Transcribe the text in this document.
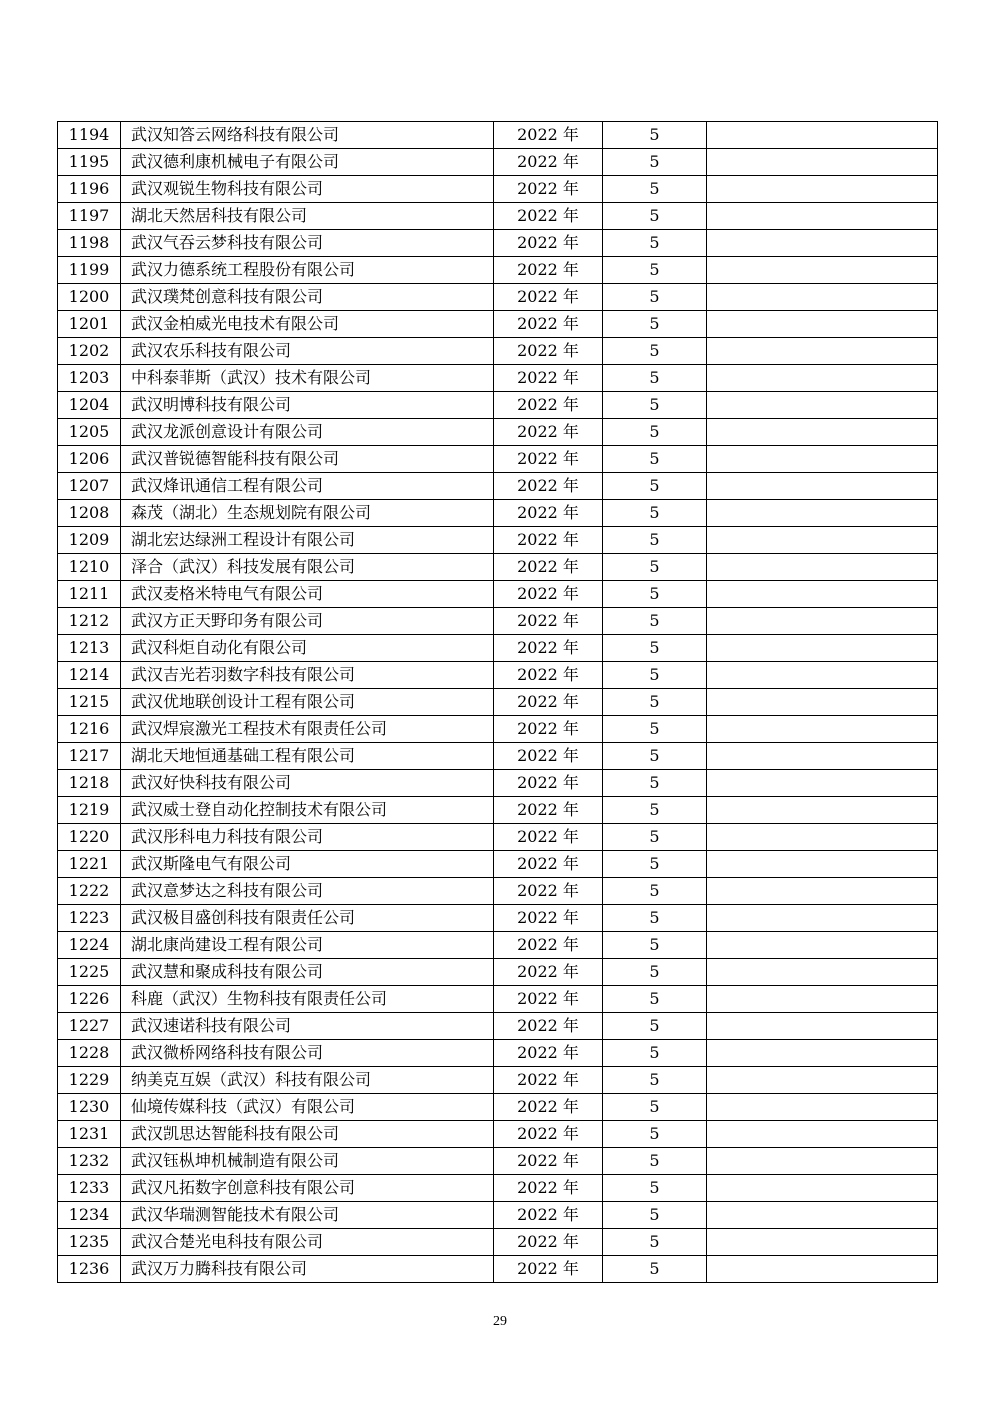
1194	武汉知答云网络科技有限公司	2022 年	5	
1195	武汉德利康机械电子有限公司	2022 年	5	
1196	武汉观锐生物科技有限公司	2022 年	5	
1197	湖北天然居科技有限公司	2022 年	5	
1198	武汉气吞云梦科技有限公司	2022 年	5	
1199	武汉力德系统工程股份有限公司	2022 年	5	
1200	武汉璞梵创意科技有限公司	2022 年	5	
1201	武汉金柏威光电技术有限公司	2022 年	5	
1202	武汉农乐科技有限公司	2022 年	5	
1203	中科泰菲斯（武汉）技术有限公司	2022 年	5	
1204	武汉明博科技有限公司	2022 年	5	
1205	武汉龙派创意设计有限公司	2022 年	5	
1206	武汉普锐德智能科技有限公司	2022 年	5	
1207	武汉烽讯通信工程有限公司	2022 年	5	
1208	森茂（湖北）生态规划院有限公司	2022 年	5	
1209	湖北宏达绿洲工程设计有限公司	2022 年	5	
1210	泽合（武汉）科技发展有限公司	2022 年	5	
1211	武汉麦格米特电气有限公司	2022 年	5	
1212	武汉方正天野印务有限公司	2022 年	5	
1213	武汉科炬自动化有限公司	2022 年	5	
1214	武汉吉光若羽数字科技有限公司	2022 年	5	
1215	武汉优地联创设计工程有限公司	2022 年	5	
1216	武汉焊宸激光工程技术有限责任公司	2022 年	5	
1217	湖北天地恒通基础工程有限公司	2022 年	5	
1218	武汉好快科技有限公司	2022 年	5	
1219	武汉威士登自动化控制技术有限公司	2022 年	5	
1220	武汉彤科电力科技有限公司	2022 年	5	
1221	武汉斯隆电气有限公司	2022 年	5	
1222	武汉意梦达之科技有限公司	2022 年	5	
1223	武汉极目盛创科技有限责任公司	2022 年	5	
1224	湖北康尚建设工程有限公司	2022 年	5	
1225	武汉慧和聚成科技有限公司	2022 年	5	
1226	科鹿（武汉）生物科技有限责任公司	2022 年	5	
1227	武汉速诺科技有限公司	2022 年	5	
1228	武汉微桥网络科技有限公司	2022 年	5	
1229	纳美克互娱（武汉）科技有限公司	2022 年	5	
1230	仙境传媒科技（武汉）有限公司	2022 年	5	
1231	武汉凯思达智能科技有限公司	2022 年	5	
1232	武汉钰枞坤机械制造有限公司	2022 年	5	
1233	武汉凡拓数字创意科技有限公司	2022 年	5	
1234	武汉华瑞测智能技术有限公司	2022 年	5	
1235	武汉合楚光电科技有限公司	2022 年	5	
1236	武汉万力腾科技有限公司	2022 年	5	
29
